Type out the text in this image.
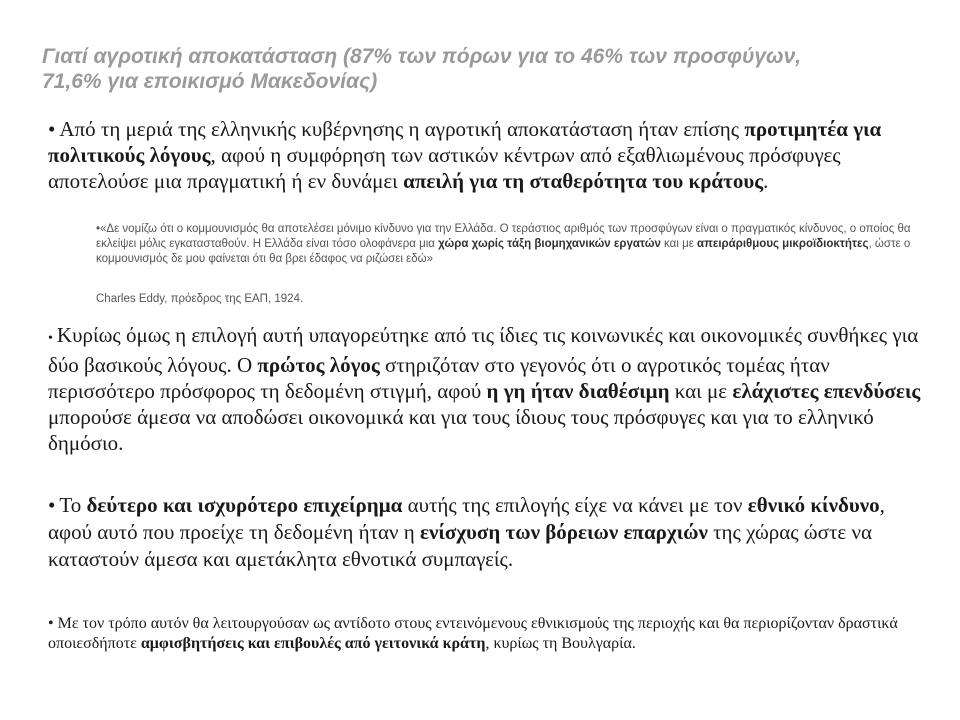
Γιατί αγροτική αποκατάσταση (87% των πόρων για το 46% των προσφύγων,
71,6% για εποικισμό Μακεδονίας)
• Από τη μεριά της ελληνικής κυβέρνησης η αγροτική αποκατάσταση ήταν επίσης προτιμητέα για πολιτικούς λόγους, αφού η συμφόρηση των αστικών κέντρων από εξαθλιωμένους πρόσφυγες αποτελούσε μια πραγματική ή εν δυνάμει απειλή για τη σταθερότητα του κράτους.
•«Δε νομίζω ότι ο κομμουνισμός θα αποτελέσει μόνιμο κίνδυνο για την Ελλάδα. Ο τεράστιος αριθμός των προσφύγων είναι ο πραγματικός κίνδυνος, ο οποίος θα εκλείψει μόλις εγκατασταθούν. Η Ελλάδα είναι τόσο ολοφάνερα μια χώρα χωρίς τάξη βιομηχανικών εργατών και με απειράριθμους μικροϊδιοκτήτες, ώστε ο κομμουνισμός δε μου φαίνεται ότι θα βρει έδαφος να ριζώσει εδώ»
Charles Eddy, πρόεδρος της ΕΑΠ, 1924.
• Κυρίως όμως η επιλογή αυτή υπαγορεύτηκε από τις ίδιες τις κοινωνικές και οικονομικές συνθήκες για δύο βασικούς λόγους. Ο πρώτος λόγος στηριζόταν στο γεγονός ότι ο αγροτικός τομέας ήταν περισσότερο πρόσφορος τη δεδομένη στιγμή, αφού η γη ήταν διαθέσιμη και με ελάχιστες επενδύσεις μπορούσε άμεσα να αποδώσει οικονομικά και για τους ίδιους τους πρόσφυγες και για το ελληνικό δημόσιο.
• Το δεύτερο και ισχυρότερο επιχείρημα αυτής της επιλογής είχε να κάνει με τον εθνικό κίνδυνο, αφού αυτό που προείχε τη δεδομένη ήταν η ενίσχυση των βόρειων επαρχιών της χώρας ώστε να καταστούν άμεσα και αμετάκλητα εθνοτικά συμπαγείς.
• Με τον τρόπο αυτόν θα λειτουργούσαν ως αντίδοτο στους εντεινόμενους εθνικισμούς της περιοχής και θα περιορίζονταν δραστικά οποιεσδήποτε αμφισβητήσεις και επιβουλές από γειτονικά κράτη, κυρίως τη Βουλγαρία.
